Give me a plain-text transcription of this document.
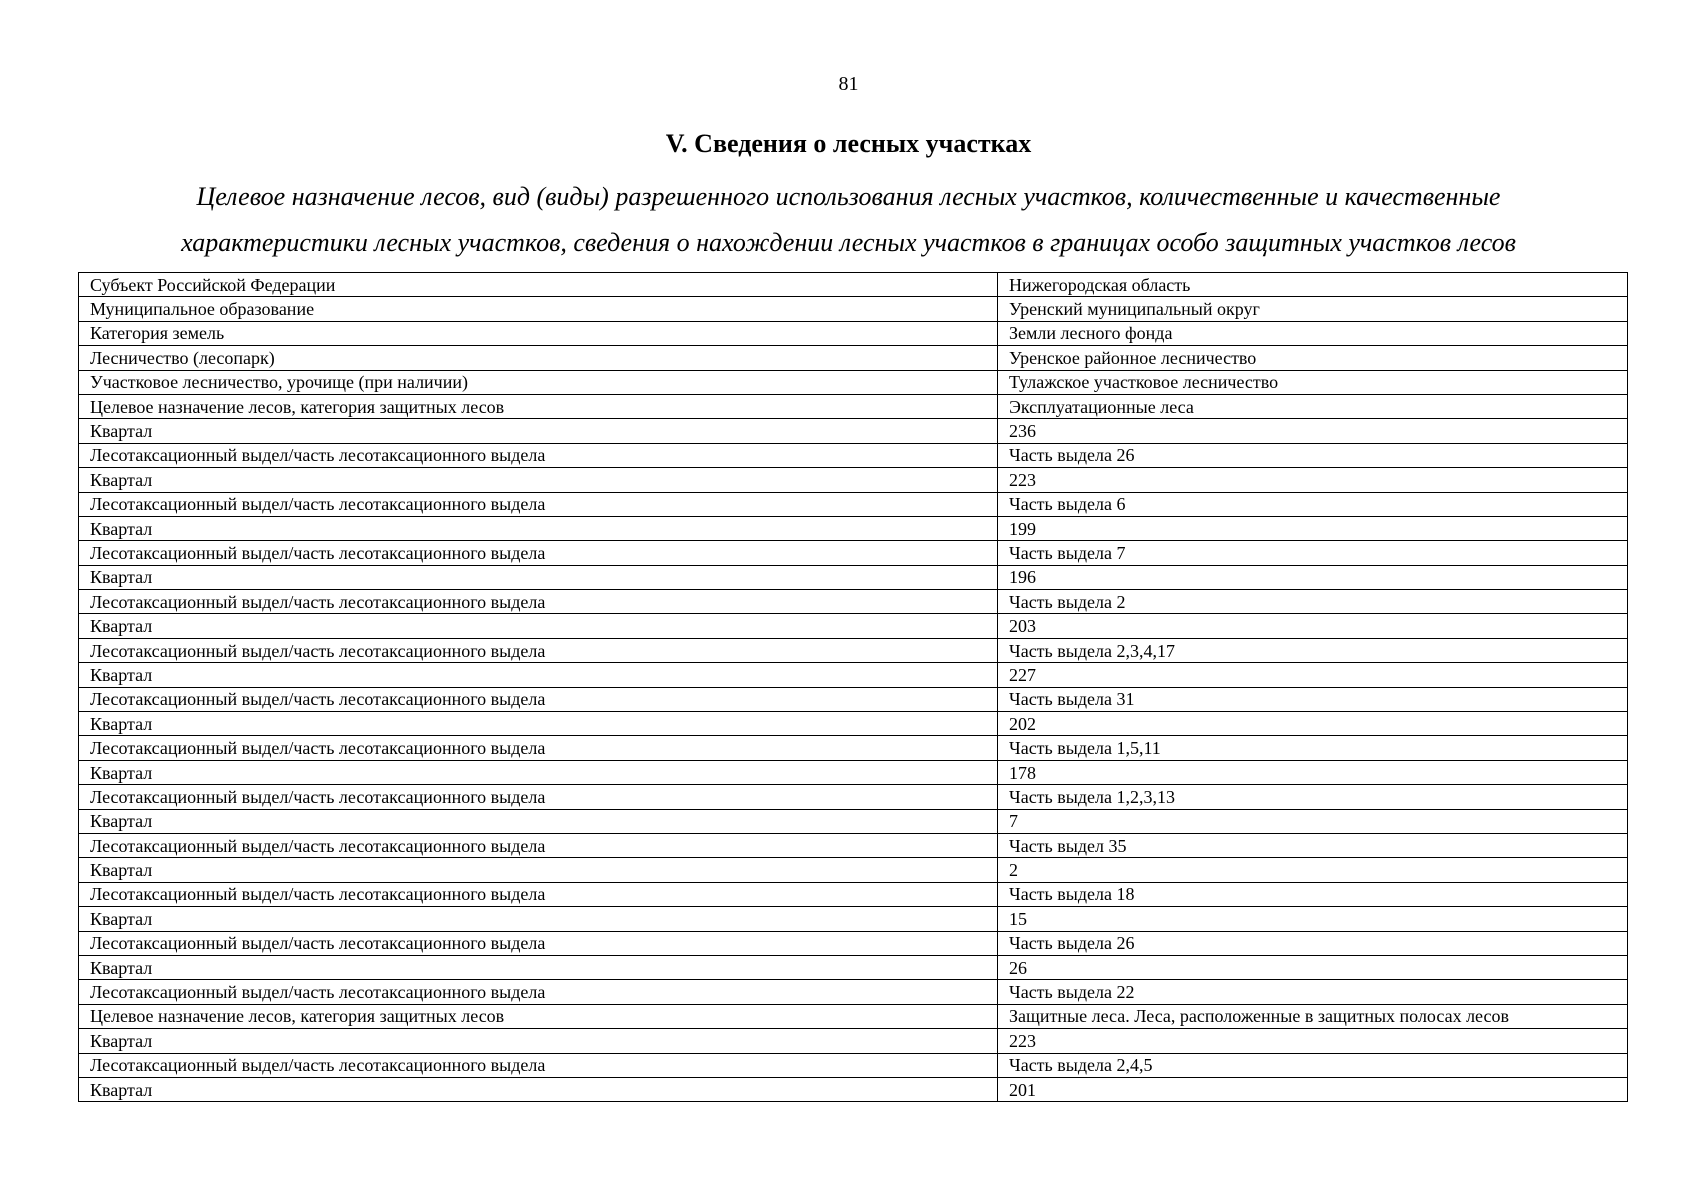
81
V. Сведения о лесных участках
Целевое назначение лесов, вид (виды) разрешенного использования лесных участков, количественные и качественные
характеристики лесных участков, сведения о нахождении лесных участков в границах особо защитных участков лесов
Субъект Российской Федерации	Нижегородская область
Муниципальное образование	Уренский муниципальный округ
Категория земель	Земли лесного фонда
Лесничество (лесопарк)	Уренское районное лесничество
Участковое лесничество, урочище (при наличии)	Тулажское участковое лесничество
Целевое назначение лесов, категория защитных лесов	Эксплуатационные леса
Квартал	236
Лесотаксационный выдел/часть лесотаксационного выдела	Часть выдела 26
Квартал	223
Лесотаксационный выдел/часть лесотаксационного выдела	Часть выдела 6
Квартал	199
Лесотаксационный выдел/часть лесотаксационного выдела	Часть выдела 7
Квартал	196
Лесотаксационный выдел/часть лесотаксационного выдела	Часть выдела 2
Квартал	203
Лесотаксационный выдел/часть лесотаксационного выдела	Часть выдела 2,3,4,17
Квартал	227
Лесотаксационный выдел/часть лесотаксационного выдела	Часть выдела 31
Квартал	202
Лесотаксационный выдел/часть лесотаксационного выдела	Часть выдела 1,5,11
Квартал	178
Лесотаксационный выдел/часть лесотаксационного выдела	Часть выдела 1,2,3,13
Квартал	7
Лесотаксационный выдел/часть лесотаксационного выдела	Часть выдел 35
Квартал	2
Лесотаксационный выдел/часть лесотаксационного выдела	Часть выдела 18
Квартал	15
Лесотаксационный выдел/часть лесотаксационного выдела	Часть выдела 26
Квартал	26
Лесотаксационный выдел/часть лесотаксационного выдела	Часть выдела 22
Целевое назначение лесов, категория защитных лесов	Защитные леса. Леса, расположенные в защитных полосах лесов
Квартал	223
Лесотаксационный выдел/часть лесотаксационного выдела	Часть выдела 2,4,5
Квартал	201
